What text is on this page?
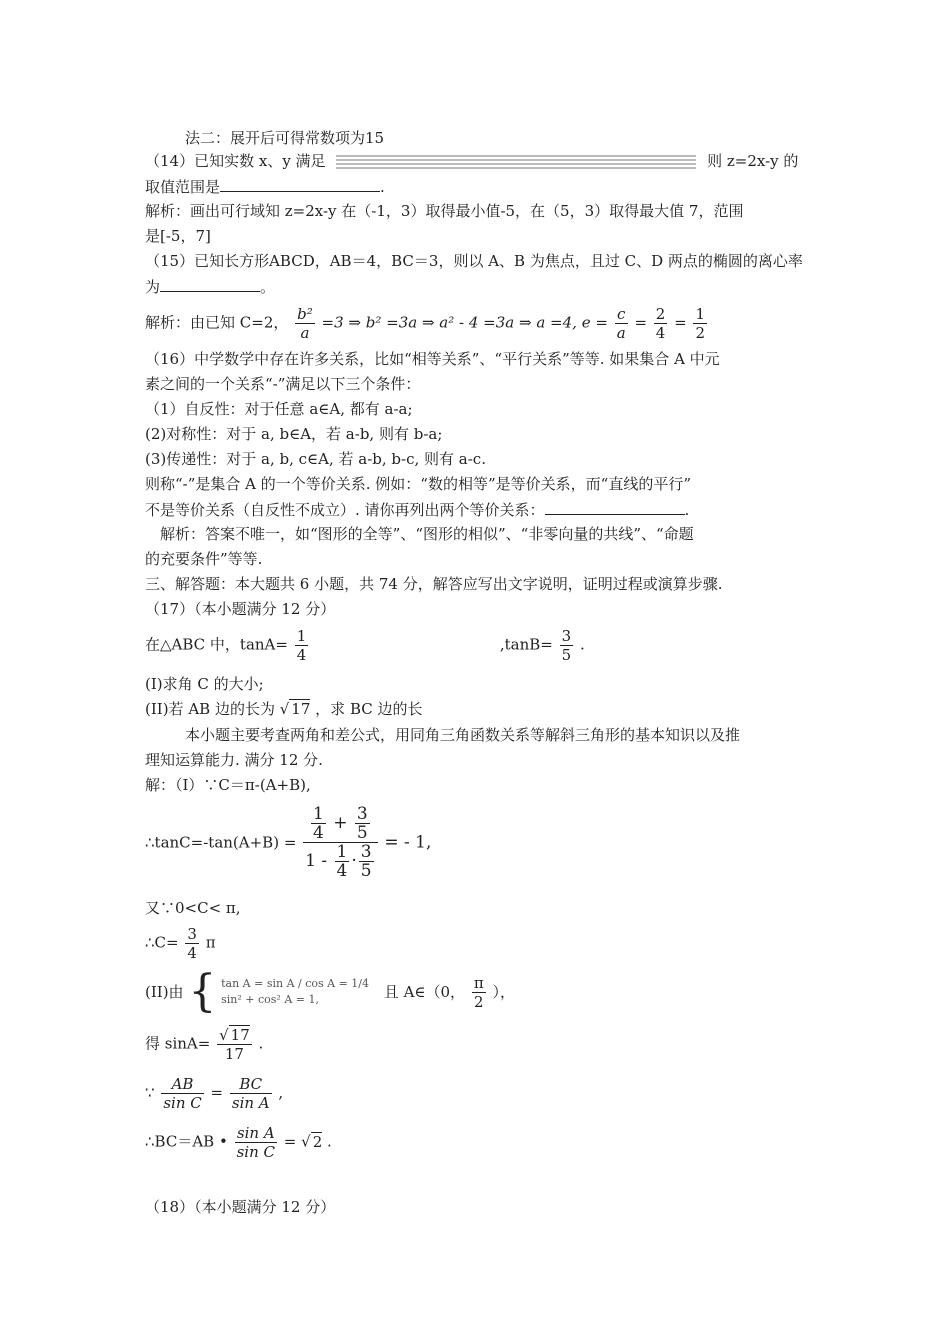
法二：展开后可得常数项为15
（14）已知实数 x、y 满足	则 z=2x-y 的
取值范围是	.
解析：画出可行域知 z=2x-y 在（-1，3）取得最小值-5，在（5，3）取得最大值 7，范围
是[-5，7]
（15）已知长方形ABCD，AB＝4，BC＝3，则以 A、B 为焦点，且过 C、D 两点的椭圆的离心率
为	。
解析：由已知 C=2， $\frac{\text{b²}}{a} =3$ ⇒ b² =3a ⇒ a² - 4 =3a ⇒ a =4, $e = \frac{c}{a} = \frac{2}{4} = \frac{1}{2}$
（16）中学数学中存在许多关系，比如“相等关系”、“平行关系”等等. 如果集合 A 中元
素之间的一个关系“-”满足以下三个条件：
（1）自反性：对于任意 a∈A, 都有 a-a;
(2)对称性：对于 a, b∈A，若 a-b, 则有 b-a;
(3)传递性：对于 a, b, c∈A, 若 a-b, b-c, 则有 a-c.
则称“-”是集合 A 的一个等价关系. 例如：“数的相等”是等价关系，而“直线的平行”
不是等价关系（自反性不成立）. 请你再列出两个等价关系：	.
解析：答案不唯一，如“图形的全等”、“图形的相似”、“非零向量的共线”、“命题
的充要条件”等等.
三、解答题：本大题共 6 小题，共 74 分，解答应写出文字说明，证明过程或演算步骤.
（17）（本小题满分 12 分）
在△ABC 中，$\tan A= \frac{1}{4}$	$,\tan B= \frac{3}{5}$ .
(I)求角 C 的大小;
(II)若 AB 边的长为 √ 17 ，求 BC 边的长
本小题主要考查两角和差公式，用同角三角函数关系等解斜三角形的基本知识以及推
理知运算能力. 满分 12 分.
解：（I）∵C＝π-(A+B),
∴tanC=-tan(A+B) = $\frac{\frac{1}{4} + \frac{3}{5}}{1 - \frac{1}{4} \cdot \frac{3}{5}}$ = - 1,
又∵0<C< π,
∴C= $\frac{3}{4}$ π
(II)由 { tan A = sin A / cos A = 1/4
sin² + cos² A = 1,	且 A∈（0， $\frac{\pi}{2}$ ），
得 $\sin A= \frac{√ 17}{17}$ .
∵ $\frac{AB}{\text{sin C}} = \frac{BC}{\text{sin A}}$ ,
∴BC＝AB • $\frac{\text{sin A}}{\text{sin C}}$ = √ 2 .
（18）（本小题满分 12 分）
